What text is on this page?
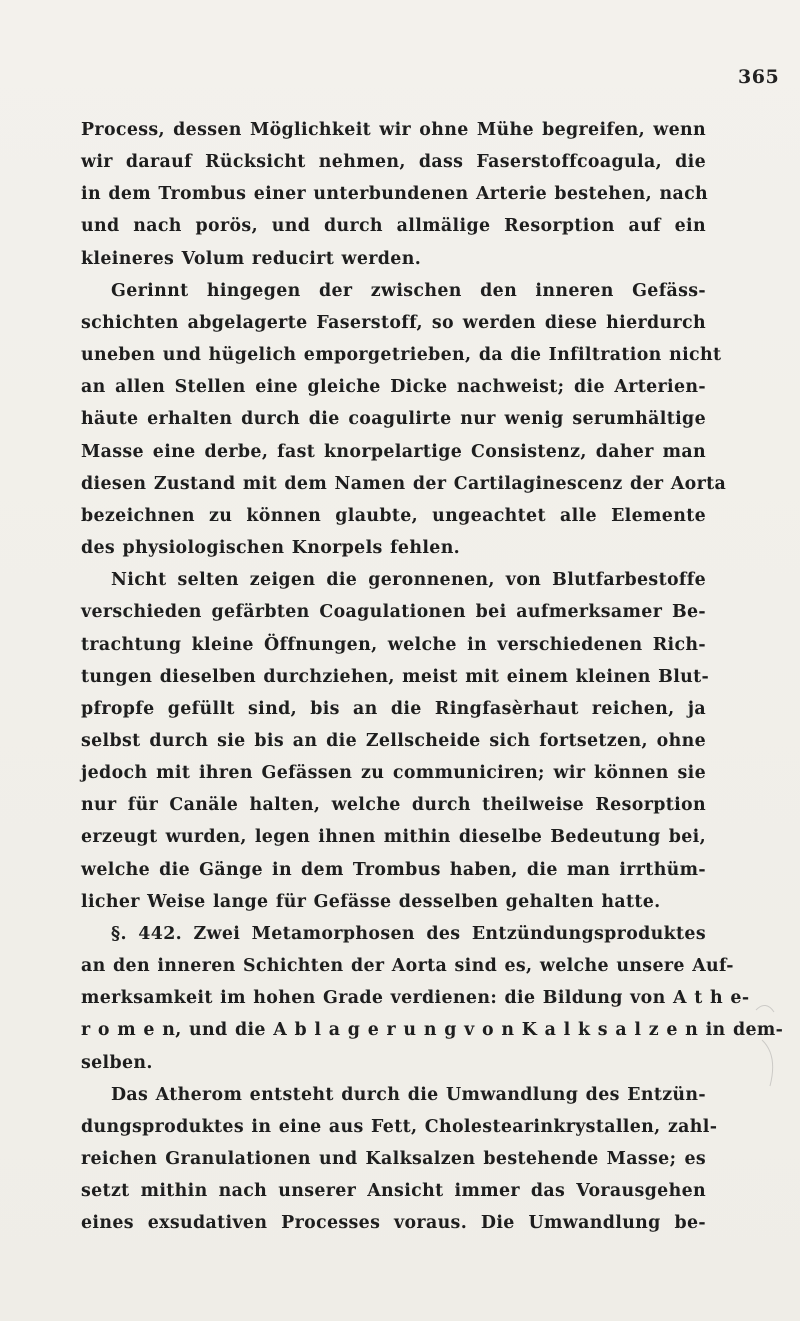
365
Process, dessen Möglichkeit wir ohne Mühe begreifen, wenn
wir darauf Rücksicht nehmen, dass Faserstoffcoagula, die
in dem Trombus einer unterbundenen Arterie bestehen, nach
und nach porös, und durch allmälige Resorption auf ein
kleineres Volum reducirt werden.
Gerinnt hingegen der zwischen den inneren Gefäss-
schichten abgelagerte Faserstoff, so werden diese hierdurch
uneben und hügelich emporgetrieben, da die Infiltration nicht
an allen Stellen eine gleiche Dicke nachweist; die Arterien-
häute erhalten durch die coagulirte nur wenig serumhältige
Masse eine derbe, fast knorpelartige Consistenz, daher man
diesen Zustand mit dem Namen der Cartilaginescenz der Aorta
bezeichnen zu können glaubte, ungeachtet alle Elemente
des physiologischen Knorpels fehlen.
Nicht selten zeigen die geronnenen, von Blutfarbestoffe
verschieden gefärbten Coagulationen bei aufmerksamer Be-
trachtung kleine Öffnungen, welche in verschiedenen Rich-
tungen dieselben durchziehen, meist mit einem kleinen Blut-
pfropfe gefüllt sind, bis an die Ringfasèrhaut reichen, ja
selbst durch sie bis an die Zellscheide sich fortsetzen, ohne
jedoch mit ihren Gefässen zu communiciren; wir können sie
nur für Canäle halten, welche durch theilweise Resorption
erzeugt wurden, legen ihnen mithin dieselbe Bedeutung bei,
welche die Gänge in dem Trombus haben, die man irrthüm-
licher Weise lange für Gefässe desselben gehalten hatte.
§. 442. Zwei Metamorphosen des Entzündungsproduktes
an den inneren Schichten der Aorta sind es, welche unsere Auf-
merksamkeit im hohen Grade verdienen: die Bildung von A t h e-
r o m e n, und die A b l a g e r u n g v o n K a l k s a l z e n in dem-
selben.
Das Atherom entsteht durch die Umwandlung des Entzün-
dungsproduktes in eine aus Fett, Cholestearinkrystallen, zahl-
reichen Granulationen und Kalksalzen bestehende Masse; es
setzt mithin nach unserer Ansicht immer das Vorausgehen
eines exsudativen Processes voraus. Die Umwandlung be-
